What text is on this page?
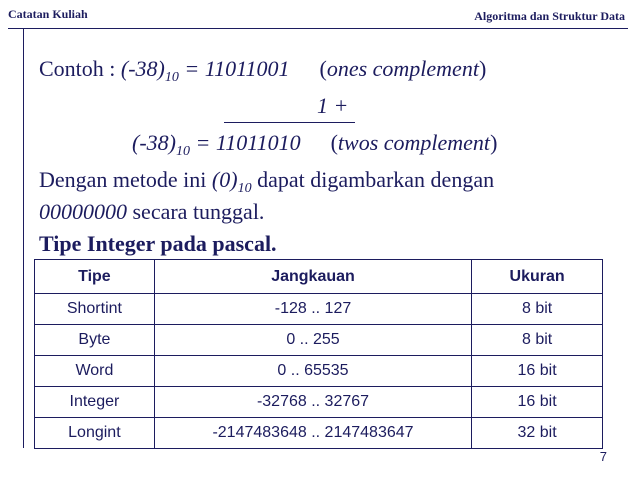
Catatan Kuliah	Algoritma dan Struktur Data
Contoh : $(-38)_{10} = 11011001$ (ones complement)
1 +
$(-38)_{10} = 11011010$ (twos complement)
Dengan metode ini $(0)_{10}$ dapat digambarkan dengan
00000000 secara tunggal.
Tipe Integer pada pascal.
Tipe	Jangkauan	Ukuran
Shortint	-128 .. 127	8 bit
Byte	0 .. 255	8 bit
Word	0 .. 65535	16 bit
Integer	-32768 .. 32767	16 bit
Longint	-2147483648 .. 2147483647	32 bit
7
